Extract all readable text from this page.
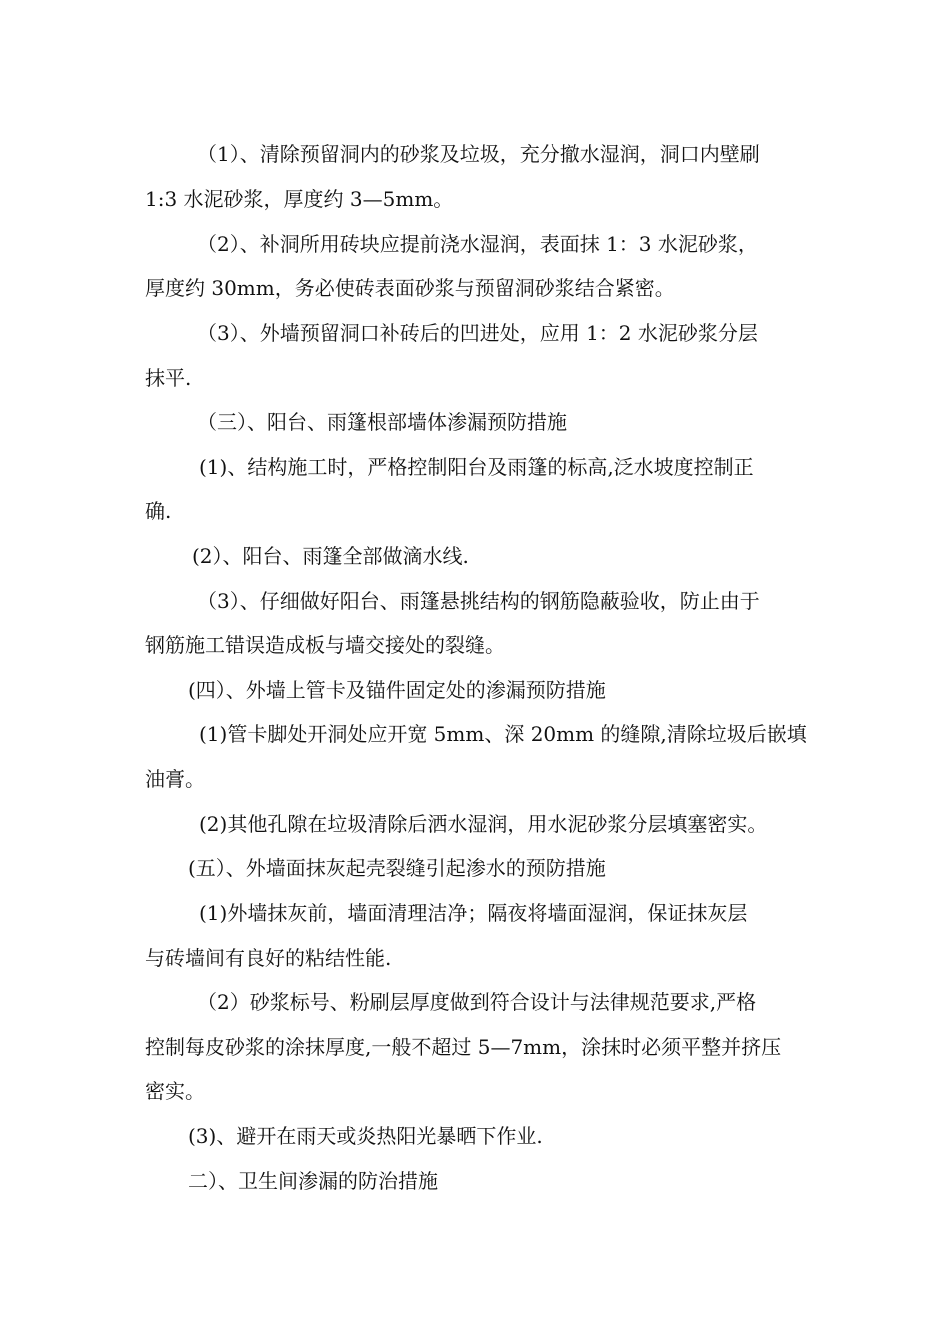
（1）、清除预留洞内的砂浆及垃圾，充分撤水湿润，洞口内壁刷

1:3 水泥砂浆，厚度约 3—5mm。

（2）、补洞所用砖块应提前浇水湿润，表面抹 1：3 水泥砂浆，

厚度约 30mm，务必使砖表面砂浆与预留洞砂浆结合紧密。

（3）、外墙预留洞口补砖后的凹进处，应用 1：2 水泥砂浆分层

抹平.

（三）、阳台、雨篷根部墙体渗漏预防措施

(1)、结构施工时，严格控制阳台及雨篷的标高,泛水坡度控制正

确.

(2）、阳台、雨篷全部做滴水线.

（3）、仔细做好阳台、雨篷悬挑结构的钢筋隐蔽验收，防止由于

钢筋施工错误造成板与墙交接处的裂缝。

(四）、外墙上管卡及锚件固定处的渗漏预防措施

(1)管卡脚处开洞处应开宽 5mm、深 20mm 的缝隙,清除垃圾后嵌填

油膏。

(2)其他孔隙在垃圾清除后洒水湿润，用水泥砂浆分层填塞密实。

(五）、外墙面抹灰起壳裂缝引起渗水的预防措施

(1)外墙抹灰前，墙面清理洁净；隔夜将墙面湿润，保证抹灰层

与砖墙间有良好的粘结性能.

（2）砂浆标号、粉刷层厚度做到符合设计与法律规范要求,严格

控制每皮砂浆的涂抹厚度,一般不超过 5—7mm，涂抹时必须平整并挤压

密实。

(3)、避开在雨天或炎热阳光暴晒下作业.

二）、卫生间渗漏的防治措施
